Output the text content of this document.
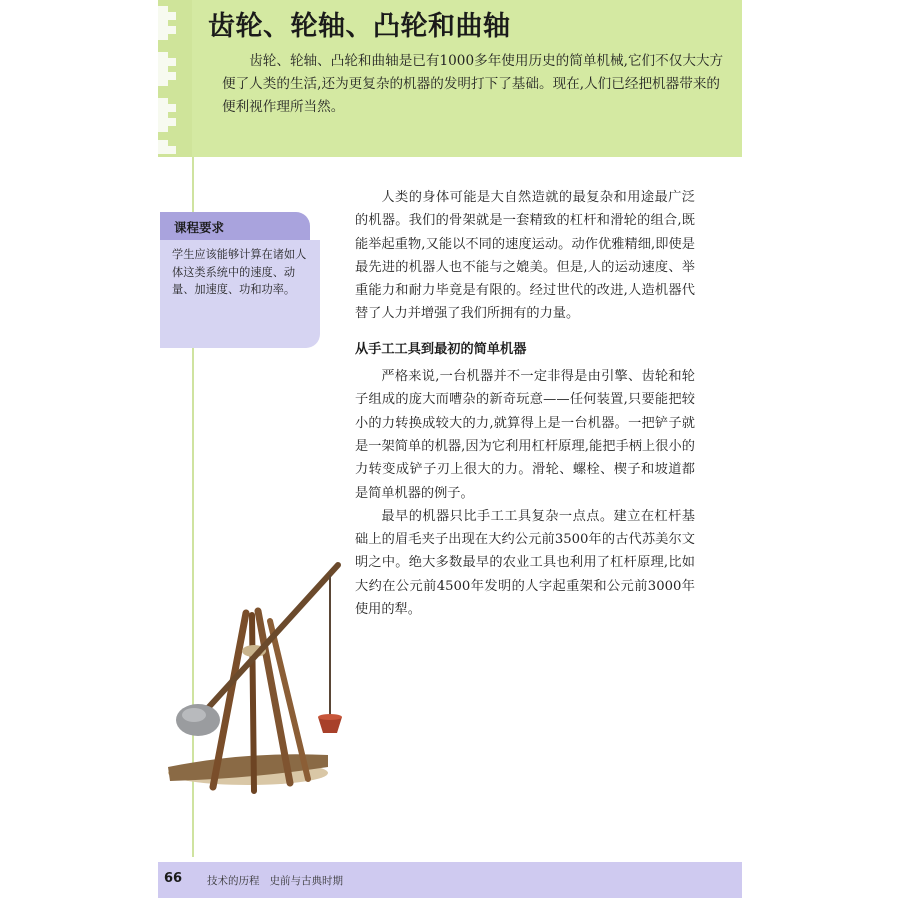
齿轮、轮轴、凸轮和曲轴

齿轮、轮轴、凸轮和曲轴是已有1000多年使用历史的简单机械,它们不仅大大方便了人类的生活,还为更复杂的机器的发明打下了基础。现在,人们已经把机器带来的便利视作理所当然。

课程要求
学生应该能够计算在诸如人体这类系统中的速度、动量、加速度、功和功率。

人类的身体可能是大自然造就的最复杂和用途最广泛的机器。我们的骨架就是一套精致的杠杆和滑轮的组合,既能举起重物,又能以不同的速度运动。动作优雅精细,即使是最先进的机器人也不能与之媲美。但是,人的运动速度、举重能力和耐力毕竟是有限的。经过世代的改进,人造机器代替了人力并增强了我们所拥有的力量。

从手工工具到最初的简单机器

严格来说,一台机器并不一定非得是由引擎、齿轮和轮子组成的庞大而嘈杂的新奇玩意——任何装置,只要能把较小的力转换成较大的力,就算得上是一台机器。一把铲子就是一架简单的机器,因为它利用杠杆原理,能把手柄上很小的力转变成铲子刃上很大的力。滑轮、螺栓、楔子和坡道都是简单机器的例子。

最早的机器只比手工工具复杂一点点。建立在杠杆基础上的眉毛夹子出现在大约公元前3500年的古代苏美尔文明之中。绝大多数最早的农业工具也利用了杠杆原理,比如大约在公元前4500年发明的人字起重架和公元前3000年使用的犁。

66 技术的历程 史前与古典时期
